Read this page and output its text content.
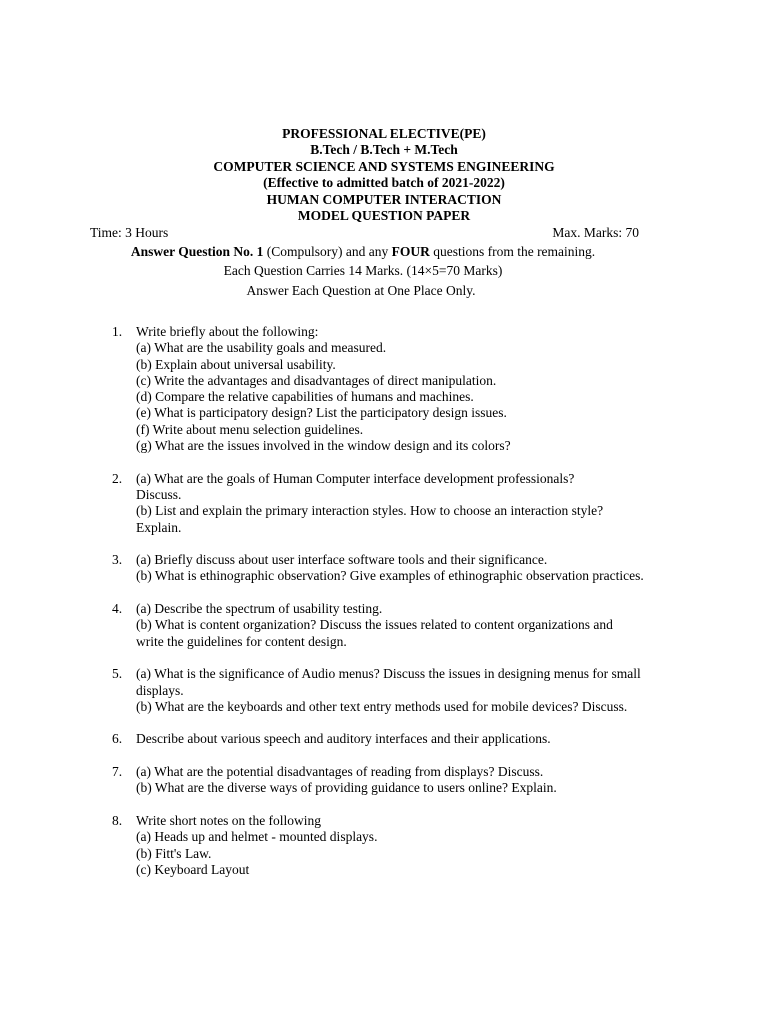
PROFESSIONAL ELECTIVE(PE)
B.Tech / B.Tech + M.Tech
COMPUTER SCIENCE AND SYSTEMS ENGINEERING
(Effective to admitted batch of 2021-2022)
HUMAN COMPUTER INTERACTION
MODEL QUESTION PAPER
Time: 3 Hours	Max. Marks: 70
Answer Question No. 1 (Compulsory) and any FOUR questions from the remaining.
Each Question Carries 14 Marks. (14×5=70 Marks)
Answer Each Question at One Place Only.
1. Write briefly about the following:
(a) What are the usability goals and measured.
(b) Explain about universal usability.
(c) Write the advantages and disadvantages of direct manipulation.
(d) Compare the relative capabilities of humans and machines.
(e) What is participatory design? List the participatory design issues.
(f) Write about menu selection guidelines.
(g) What are the issues involved in the window design and its colors?
2. (a) What are the goals of Human Computer interface development professionals?
Discuss.
(b) List and explain the primary interaction styles. How to choose an interaction style?
Explain.
3. (a) Briefly discuss about user interface software tools and their significance.
(b) What is ethinographic observation? Give examples of ethinographic observation practices.
4. (a) Describe the spectrum of usability testing.
(b) What is content organization? Discuss the issues related to content organizations and
write the guidelines for content design.
5. (a) What is the significance of Audio menus? Discuss the issues in designing menus for small
displays.
(b) What are the keyboards and other text entry methods used for mobile devices? Discuss.
6. Describe about various speech and auditory interfaces and their applications.
7. (a) What are the potential disadvantages of reading from displays? Discuss.
(b) What are the diverse ways of providing guidance to users online? Explain.
8. Write short notes on the following
(a) Heads up and helmet - mounted displays.
(b) Fitt's Law.
(c) Keyboard Layout
